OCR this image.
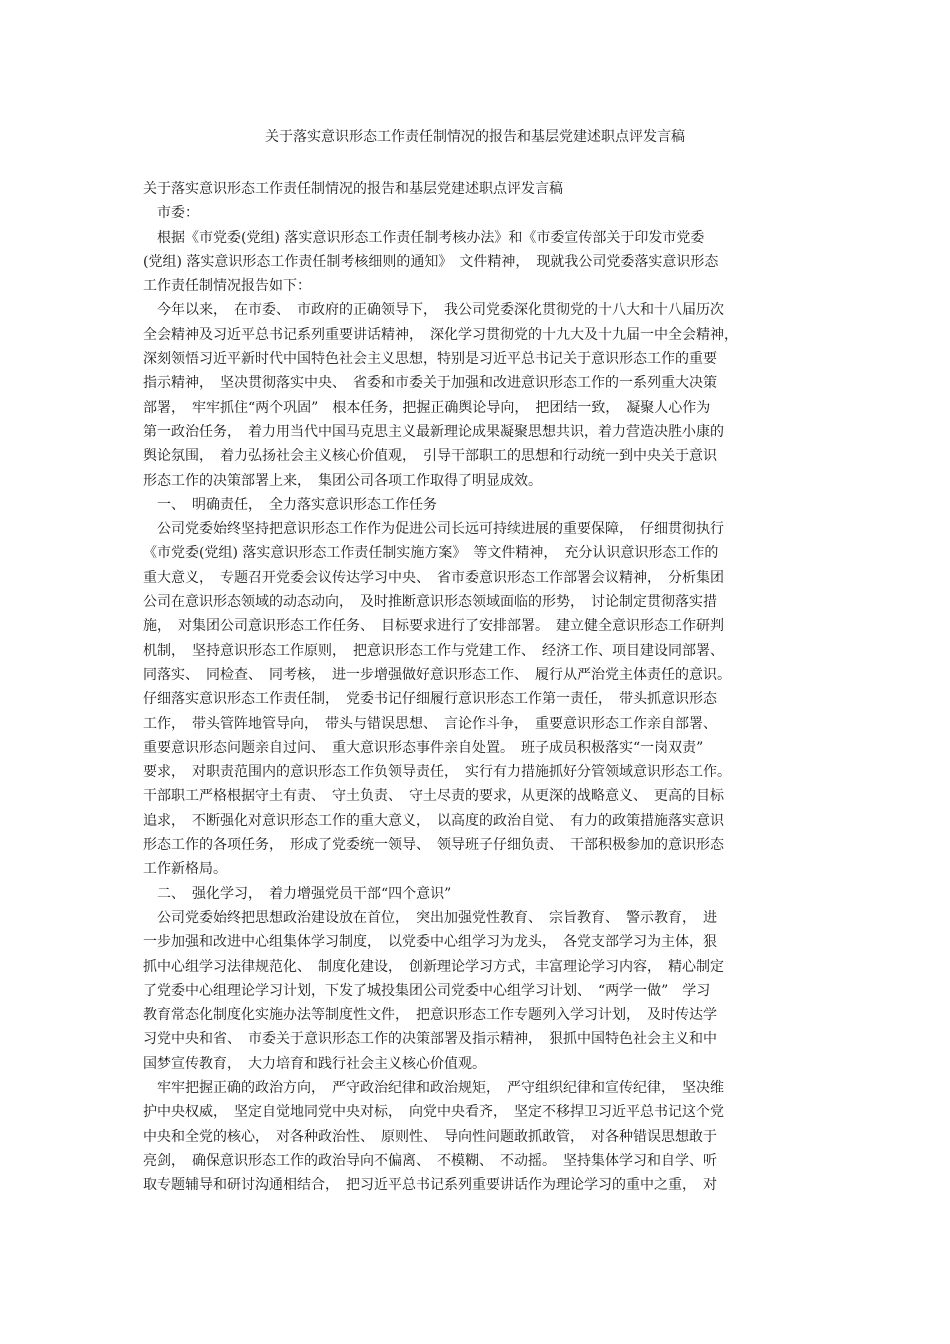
关于落实意识形态工作责任制情况的报告和基层党建述职点评发言稿
关于落实意识形态工作责任制情况的报告和基层党建述职点评发言稿
　市委：
　根据《市党委(党组) 落实意识形态工作责任制考核办法》和《市委宣传部关于印发市党委
(党组) 落实意识形态工作责任制考核细则的通知》　文件精神，　现就我公司党委落实意识形态
工作责任制情况报告如下：
　今年以来，　在市委、　市政府的正确领导下，　我公司党委深化贯彻党的十八大和十八届历次
全会精神及习近平总书记系列重要讲话精神，　深化学习贯彻党的十九大及十九届一中全会精神，
深刻领悟习近平新时代中国特色社会主义思想，特别是习近平总书记关于意识形态工作的重要
指示精神，　坚决贯彻落实中央、　省委和市委关于加强和改进意识形态工作的一系列重大决策
部署，　牢牢抓住“两个巩固”　根本任务，把握正确舆论导向，　把团结一致，　凝聚人心作为
第一政治任务，　着力用当代中国马克思主义最新理论成果凝聚思想共识，着力营造决胜小康的
舆论氛围，　着力弘扬社会主义核心价值观，　引导干部职工的思想和行动统一到中央关于意识
形态工作的决策部署上来，　集团公司各项工作取得了明显成效。
　一、　明确责任，　全力落实意识形态工作任务
　公司党委始终坚持把意识形态工作作为促进公司长远可持续进展的重要保障，　仔细贯彻执行
《市党委(党组) 落实意识形态工作责任制实施方案》　等文件精神，　充分认识意识形态工作的
重大意义，　专题召开党委会议传达学习中央、　省市委意识形态工作部署会议精神，　分析集团
公司在意识形态领域的动态动向，　及时推断意识形态领域面临的形势，　讨论制定贯彻落实措
施，　对集团公司意识形态工作任务、　目标要求进行了安排部署。　建立健全意识形态工作研判
机制，　坚持意识形态工作原则，　把意识形态工作与党建工作、　经济工作、项目建设同部署、
同落实、　同检查、　同考核，　进一步增强做好意识形态工作、　履行从严治党主体责任的意识。
仔细落实意识形态工作责任制，　党委书记仔细履行意识形态工作第一责任，　带头抓意识形态
工作，　带头管阵地管导向，　带头与错误思想、　言论作斗争，　重要意识形态工作亲自部署、
重要意识形态问题亲自过问、　重大意识形态事件亲自处置。　班子成员积极落实“一岗双责”
要求，　对职责范围内的意识形态工作负领导责任，　实行有力措施抓好分管领域意识形态工作。
干部职工严格根据守土有责、　守土负责、　守土尽责的要求，从更深的战略意义、　更高的目标
追求，　不断强化对意识形态工作的重大意义，　以高度的政治自觉、　有力的政策措施落实意识
形态工作的各项任务，　形成了党委统一领导、　领导班子仔细负责、　干部积极参加的意识形态
工作新格局。
　二、　强化学习，　着力增强党员干部“四个意识”
　公司党委始终把思想政治建设放在首位，　突出加强党性教育、　宗旨教育、　警示教育，　进
一步加强和改进中心组集体学习制度，　以党委中心组学习为龙头，　各党支部学习为主体，狠
抓中心组学习法律规范化、　制度化建设，　创新理论学习方式，丰富理论学习内容，　精心制定
了党委中心组理论学习计划，下发了城投集团公司党委中心组学习计划、　“两学一做”　学习
教育常态化制度化实施办法等制度性文件，　把意识形态工作专题列入学习计划，　及时传达学
习党中央和省、　市委关于意识形态工作的决策部署及指示精神，　狠抓中国特色社会主义和中
国梦宣传教育，　大力培育和践行社会主义核心价值观。
　牢牢把握正确的政治方向，　严守政治纪律和政治规矩，　严守组织纪律和宣传纪律，　坚决维
护中央权威，　坚定自觉地同党中央对标，　向党中央看齐，　坚定不移捍卫习近平总书记这个党
中央和全党的核心，　对各种政治性、　原则性、　导向性问题敢抓敢管，　对各种错误思想敢于
亮剑，　确保意识形态工作的政治导向不偏离、　不模糊、　不动摇。　坚持集体学习和自学、听
取专题辅导和研讨沟通相结合，　把习近平总书记系列重要讲话作为理论学习的重中之重，　对
